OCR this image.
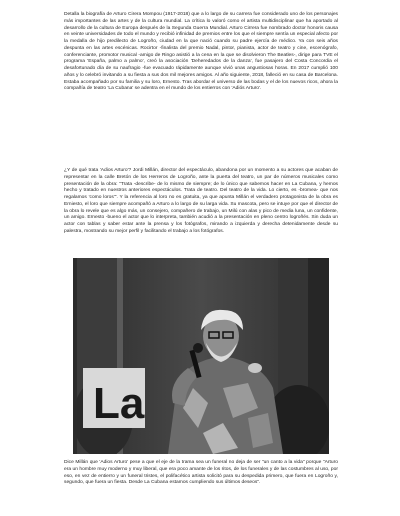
Detalla la biografía de Arturo Cirera Mompou (1917-2018) que a lo largo de su carrera fue considerado uno de los personajes más importantes de las artes y de la cultura mundial. La crítica lo valoró como el artista multidisciplinar que ha aportado al desarrollo de la cultura de Europa después de la Segunda Guerra Mundial. Arturo Cirrera fue nombrado doctor honoris causa en veinte universidades de todo el mundo y recibió infinidad de premios entre los que el siempre sentía un especial afecto por la medalla de hijo predilecto de Logroño, ciudad en la que nació cuando su padre ejercía de médico. Ya con seis años despunta en las artes escénicas. Rocirtor -finalista del premio Nadal, pintor, pianista, actor de teatro y cine, escenógrafo, conferenciante, promotor musical -amigo de Ringo asistió a la cena en la que se disolvieron The Beatles-, dirige para TVE el programa 'España, palmo a palmo', creó la asociación 'Deheredados de la danza', fue pasajero del Costa Concordia el desafortunado día de su naufragio -fue evacuado rápidamente aunque vivió unas angustiosas horas. En 2017 cumplió 100 años y lo celebró invitando a su fiesta a sus dos mil mejores amigos. Al año siguiente, 2018, falleció en su casa de Barcelona. Estaba acompañado por su familia y su loro, Ernesto. Tras abordar el universo de las bodas y el de los nuevos ricos, ahora la compañía de teatro 'La Cubana' se adentra en el mundo de los entierros con 'Adiós Arturo'.

¿Y de qué trata 'Adios Arturo'? Jordi Millán, director del espectáculo, abandona por un momento a su actores que acaban de representar en la calle Bretón de los Herreros de Logroño, ante la puerta del teatro, un par de números musicales como presentación de la obra: "Trata -describe- de lo mismo de siempre; de lo único que sabemos hacer en La Cubana, y hemos hecho y tratado en nuestros anteriores espectáculos. Trata de teatro. Del teatro de la vida. Lo cierto, es -bromea- que nos regalamos 'como loros'". Y la referencia al loro no es gratuita, ya que apunta Millán el verdadero protagonista de la obra es Erniesto, el loro que siempre acompañó a Arturo a lo largo de su larga vida. Su mascota, pero se intuye por que el director de la obra lo revele que es algo más, un consejero, compañero de trabajo, un Milú con alas y pico de media luna, un confidente, un amigo. Ernesto -bueno el actor que lo interpreta, también acudió a la presentación en pleno centro logroñés. Sin duda un actor con tablas y saber estar ante la prensa y los fotógrafos, mirando a izquierda y derecha detenidamente desde su palestra, mostrando su mejor perfil y facilitando el trabajo a los fotógrafos.

La

Dice Millán que 'Adios Arturo' pese a que el eje de la trama sea un funeral no deja de ser "un canto a la vida" porque "Arturo era un hombre muy moderno y muy liberal, que era poco amante de los ritos, de los funerales y de las costumbres al uso, por eso, en vez de entierro y un funeral tristes, el polifacético artista solicitó para su despedida primero, que fuera en Logroño y, segundo, que fuera un fiesta. Desde La Cubana estamos cumpliendo sus últimos deseos".
